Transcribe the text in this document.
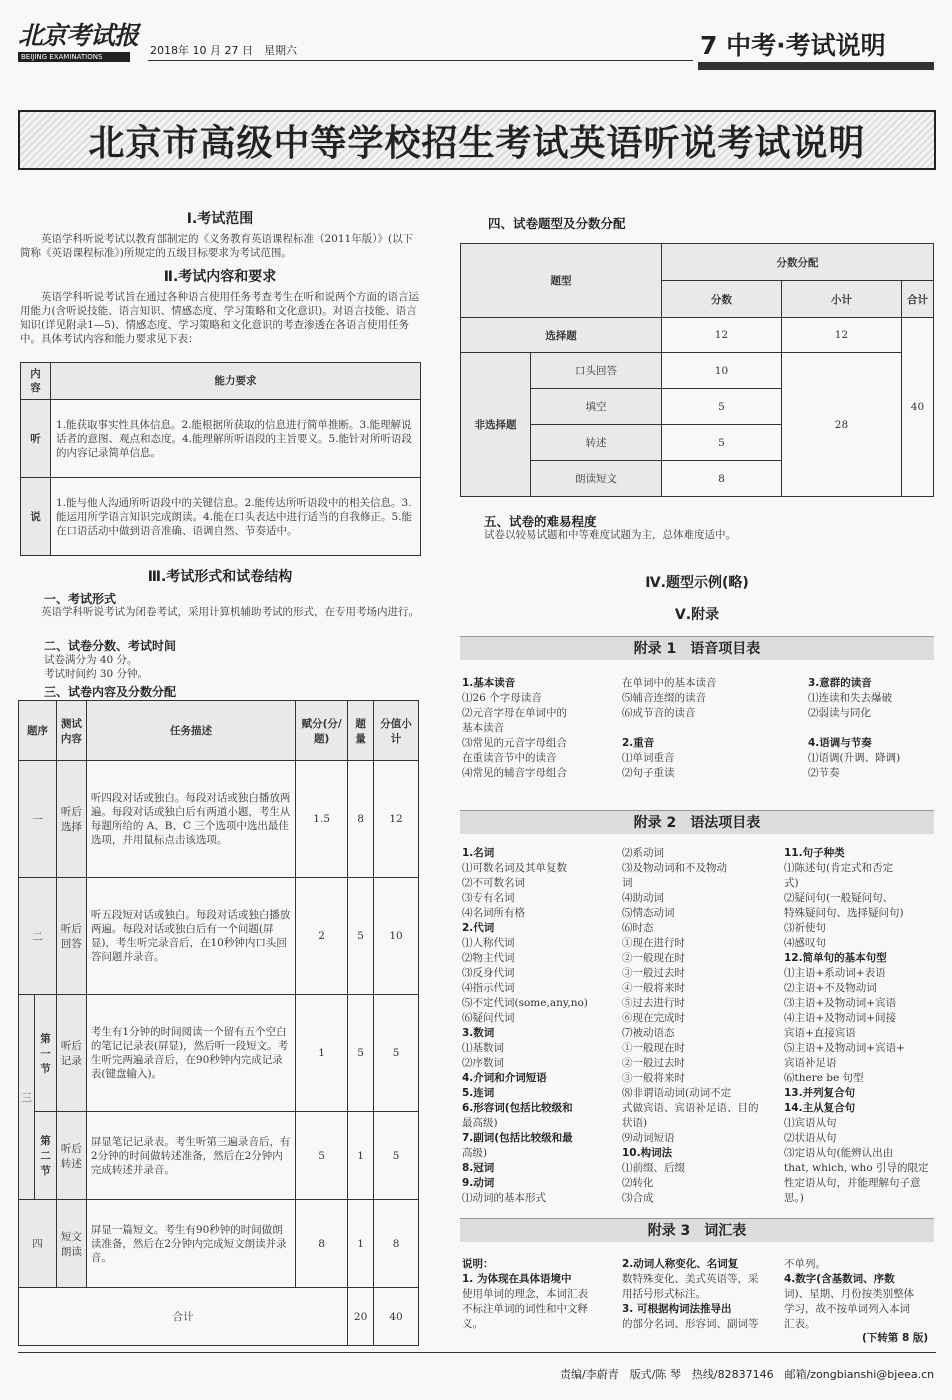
北京考试报
BEIJING EXAMINATIONS	2018年 10 月 27 日　星期六	7 中考·考试说明
北京市高级中等学校招生考试英语听说考试说明
Ⅰ.考试范围
英语学科听说考试以教育部制定的《义务教育英语课程标准（2011年版）》(以下简称《英语课程标准》)所规定的五级目标要求为考试范围。
Ⅱ.考试内容和要求
英语学科听说考试旨在通过各种语言使用任务考查考生在听和说两个方面的语言运用能力(含听说技能、语言知识、情感态度、学习策略和文化意识)。对语言技能、语言知识(详见附录1—5)、情感态度、学习策略和文化意识的考查渗透在各语言使用任务中。具体考试内容和能力要求见下表：
内容	能力要求
听	1.能获取事实性具体信息。2.能根据所获取的信息进行简单推断。3.能理解说话者的意图、观点和态度。4.能理解所听语段的主旨要义。5.能针对所听语段的内容记录简单信息。
说	1.能与他人沟通所听语段中的关键信息。2.能传达所听语段中的相关信息。3.能运用所学语言知识完成朗读。4.能在口头表达中进行适当的自我修正。5.能在口语活动中做到语音准确、语调自然、节奏适中。
Ⅲ.考试形式和试卷结构
一、考试形式
英语学科听说考试为闭卷考试，采用计算机辅助考试的形式，在专用考场内进行。
二、试卷分数、考试时间
试卷满分为 40 分。
考试时间约 30 分钟。
三、试卷内容及分数分配
题序		测试内容	任务描述	赋分(分/题)	题量	分值小计
一		听后选择	听四段对话或独白。每段对话或独白播放两遍。每段对话或独白后有两道小题，考生从每题所给的 A、B、C 三个选项中选出最佳选项，并用鼠标点击该选项。	1.5	8	12
二		听后回答	听五段短对话或独白。每段对话或独白播放两遍。每段对话或独白后有一个问题(屏显)，考生听完录音后，在10秒钟内口头回答问题并录音。	2	5	10
三	第一节	听后记录	考生有1分钟的时间阅读一个留有五个空白的笔记记录表(屏显)，然后听一段短文。考生听完两遍录音后，在90秒钟内完成记录表(键盘输入)。	1	5	5
	第二节	听后转述	屏显笔记记录表。考生听第三遍录音后，有2分钟的时间做转述准备，然后在2分钟内完成转述并录音。	5	1	5
四		短文朗读	屏显一篇短文。考生有90秒钟的时间做朗读准备，然后在2分钟内完成短文朗读并录音。	8	1	8
合计					20	40
四、试卷题型及分数分配
题型		分数分配		
		分数	小计	合计
选择题		12	12	40
非选择题	口头回答	10	28	
	填空	5		
	转述	5		
	朗读短文	8		
五、试卷的难易程度
试卷以较易试题和中等难度试题为主，总体难度适中。
Ⅳ.题型示例(略)
Ⅴ.附录
附录 1　语音项目表
1.基本读音
⑴26 个字母读音
⑵元音字母在单词中的
基本读音
⑶常见的元音字母组合
在重读音节中的读音
⑷常见的辅音字母组合
在单词中的基本读音
⑸辅音连缀的读音
⑹成节音的读音

2.重音
⑴单词重音
⑵句子重读
3.意群的读音
⑴连读和失去爆破
⑵弱读与同化

4.语调与节奏
⑴语调(升调、降调)
⑵节奏
附录 2　语法项目表
1.名词
⑴可数名词及其单复数
⑵不可数名词
⑶专有名词
⑷名词所有格
2.代词
⑴人称代词
⑵物主代词
⑶反身代词
⑷指示代词
⑸不定代词(some,any,no)
⑹疑问代词
3.数词
⑴基数词
⑵序数词
4.介词和介词短语
5.连词
6.形容词(包括比较级和
最高级)
7.副词(包括比较级和最
高级)
8.冠词
9.动词
⑴动词的基本形式
⑵系动词
⑶及物动词和不及物动
词
⑷助动词
⑸情态动词
⑹时态
①现在进行时
②一般现在时
③一般过去时
④一般将来时
⑤过去进行时
⑥现在完成时
⑺被动语态
①一般现在时
②一般过去时
③一般将来时
⑻非谓语动词(动词不定
式做宾语、宾语补足语、目的
状语)
⑼动词短语
10.构词法
⑴前缀、后缀
⑵转化
⑶合成
11.句子种类
⑴陈述句(肯定式和否定
式)
⑵疑问句(一般疑问句、
特殊疑问句、选择疑问句)
⑶祈使句
⑷感叹句
12.简单句的基本句型
⑴主语+系动词+表语
⑵主语+不及物动词
⑶主语+及物动词+宾语
⑷主语+及物动词+间接
宾语+直接宾语
⑸主语+及物动词+宾语+
宾语补足语
⑹there be 句型
13.并列复合句
14.主从复合句
⑴宾语从句
⑵状语从句
⑶定语从句(能辨认出由
that, which, who 引导的限定
性定语从句，并能理解句子意
思。)
附录 3　词汇表
说明：
1. 为体现在具体语境中
使用单词的理念，本词汇表
不标注单词的词性和中文释
义。
2.动词人称变化、名词复
数特殊变化、美式英语等，采
用括号形式标注。
3. 可根据构词法推导出
的部分名词、形容词、副词等
不单列。
4.数字(含基数词、序数
词)、星期、月份按类别整体
学习，故不按单词列入本词
汇表。
(下转第 8 版)
责编/李蔚青　版式/陈 琴　热线/82837146　邮箱/zongbianshi@bjeea.cn
